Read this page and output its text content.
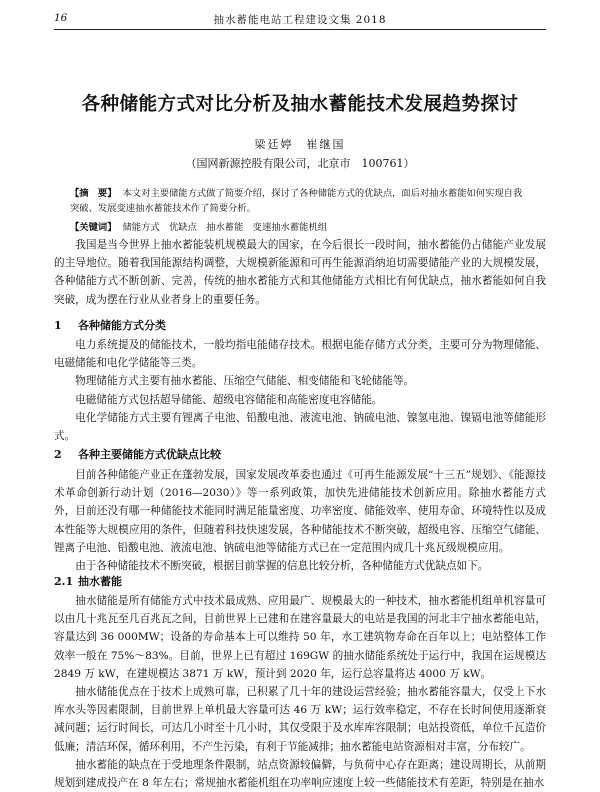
16	抽水蓄能电站工程建设文集 2018
各种储能方式对比分析及抽水蓄能技术发展趋势探讨
梁廷婷　崔继国
（国网新源控股有限公司，北京市　100761）
【摘　要】 本文对主要储能方式做了简要介绍，探讨了各种储能方式的优缺点，面后对抽水蓄能如何实现自我突破、发展变速抽水蓄能技术作了简要分析。
【关键词】 储能方式　优缺点　抽水蓄能　变速抽水蓄能机组

我国是当今世界上抽水蓄能装机规模最大的国家，在今后很长一段时间，抽水蓄能仍占储能产业发展的主导地位。随着我国能源结构调整，大规模新能源和可再生能源消纳迫切需要储能产业的大规模发展，各种储能方式不断创新、完善，传统的抽水蓄能方式和其他储能方式相比有何优缺点，抽水蓄能如何自我突破，成为摆在行业从业者身上的重要任务。

1 各种储能方式分类

电力系统提及的储能技术，一般均指电能储存技术。根据电能存储方式分类，主要可分为物理储能、电磁储能和电化学储能等三类。

物理储能方式主要有抽水蓄能、压缩空气储能、相变储能和飞轮储能等。

电磁储能方式包括超导储能、超级电容储能和高能密度电容储能。

电化学储能方式主要有锂离子电池、铅酸电池、液流电池、钠硫电池、镍氢电池、镍镉电池等储能形式。

2 各种主要储能方式优缺点比较

目前各种储能产业正在蓬勃发展，国家发展改革委也通过《可再生能源发展“十三五”规划》、《能源技术革命创新行动计划（2016—2030）》等一系列政策，加快先进储能技术创新应用。除抽水蓄能方式外，目前还没有哪一种储能技术能同时满足能量密度、功率密度、储能效率、使用寿命、环境特性以及成本性能等大规模应用的条件，但随着科技快速发展，各种储能技术不断突破，超级电容、压缩空气储能、锂离子电池、铅酸电池、液流电池、钠硫电池等储能方式已在一定范围内成几十兆瓦级规模应用。

由于各种储能技术不断突破，根据目前掌握的信息比较分析，各种储能方式优缺点如下。

2.1 抽水蓄能

抽水储能是所有储能方式中技术最成熟、应用最广、规模最大的一种技术，抽水蓄能机组单机容量可以由几十兆瓦至几百兆瓦之间，目前世界上已建和在建容量最大的电站是我国的河北丰宁抽水蓄能电站，容量达到 36 000MW；设备的寿命基本上可以维持 50 年，水工建筑物寿命在百年以上；电站整体工作效率一般在 75%～83%。目前，世界上已有超过 169GW 的抽水储能系统处于运行中，我国在运规模达 2849 万 kW，在建规模达 3871 万 kW，预计到 2020 年，运行总容量将达 4000 万 kW。

抽水储能优点在于技术上成熟可靠，已积累了几十年的建设运营经验；抽水蓄能容量大，仅受上下水库水头等因素限制，目前世界上单机最大容量可达 46 万 kW；运行效率稳定，不存在长时间使用逐渐衰减问题；运行时间长，可达几小时至十几小时，其仅受限于及水库库容限制；电站投资低，单位千瓦造价低廉；清洁环保，循环利用，不产生污染，有利于节能减排；抽水蓄能电站资源相对丰富，分布较广。

抽水蓄能的缺点在于受地理条件限制，站点资源较偏僻，与负荷中心存在距离；建设周期长，从前期规划到建成投产在 8 年左右；常规抽水蓄能机组在功率响应速度上较一些储能技术有差距，特别是在抽水
